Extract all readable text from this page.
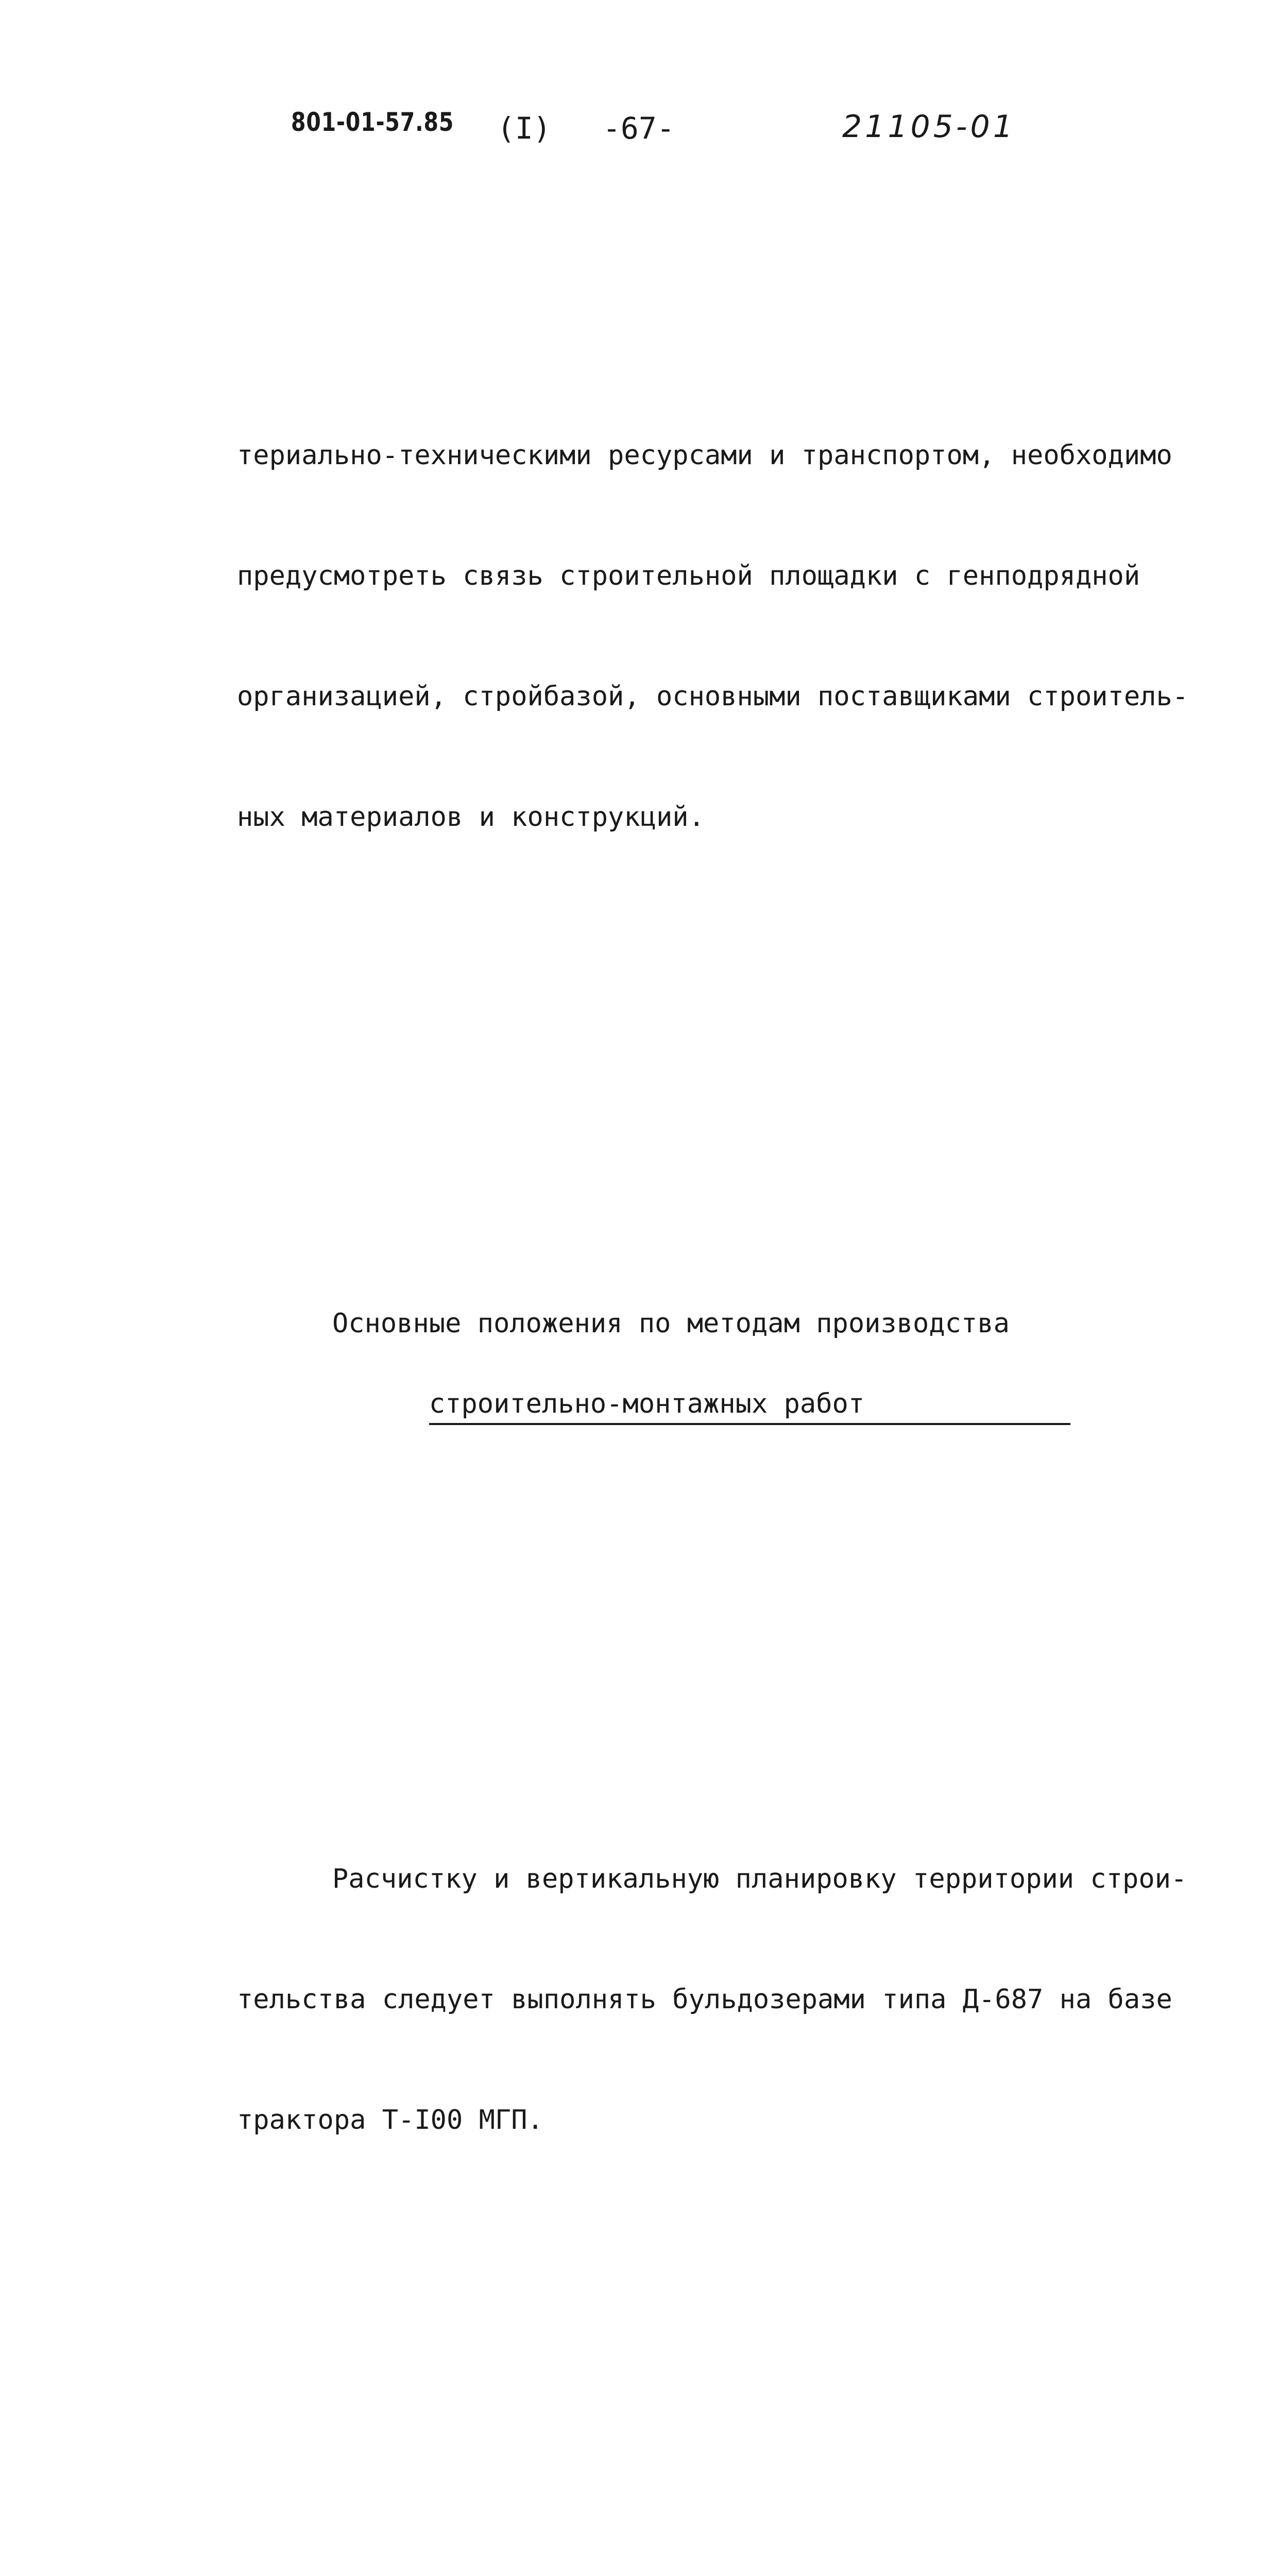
801-01-57.85 (I) -67-	21105-01

териально-техническими ресурсами и транспортом, необходимо

предусмотреть связь строительной площадки с генподрядной

организацией, стройбазой, основными поставщиками строитель-

ных материалов и конструкций.

Основные положения по методам производства

строительно-монтажных работ

Расчистку и вертикальную планировку территории строи-

тельства следует выполнять бульдозерами типа Д-687 на базе

трактора Т-I00 МГП.
